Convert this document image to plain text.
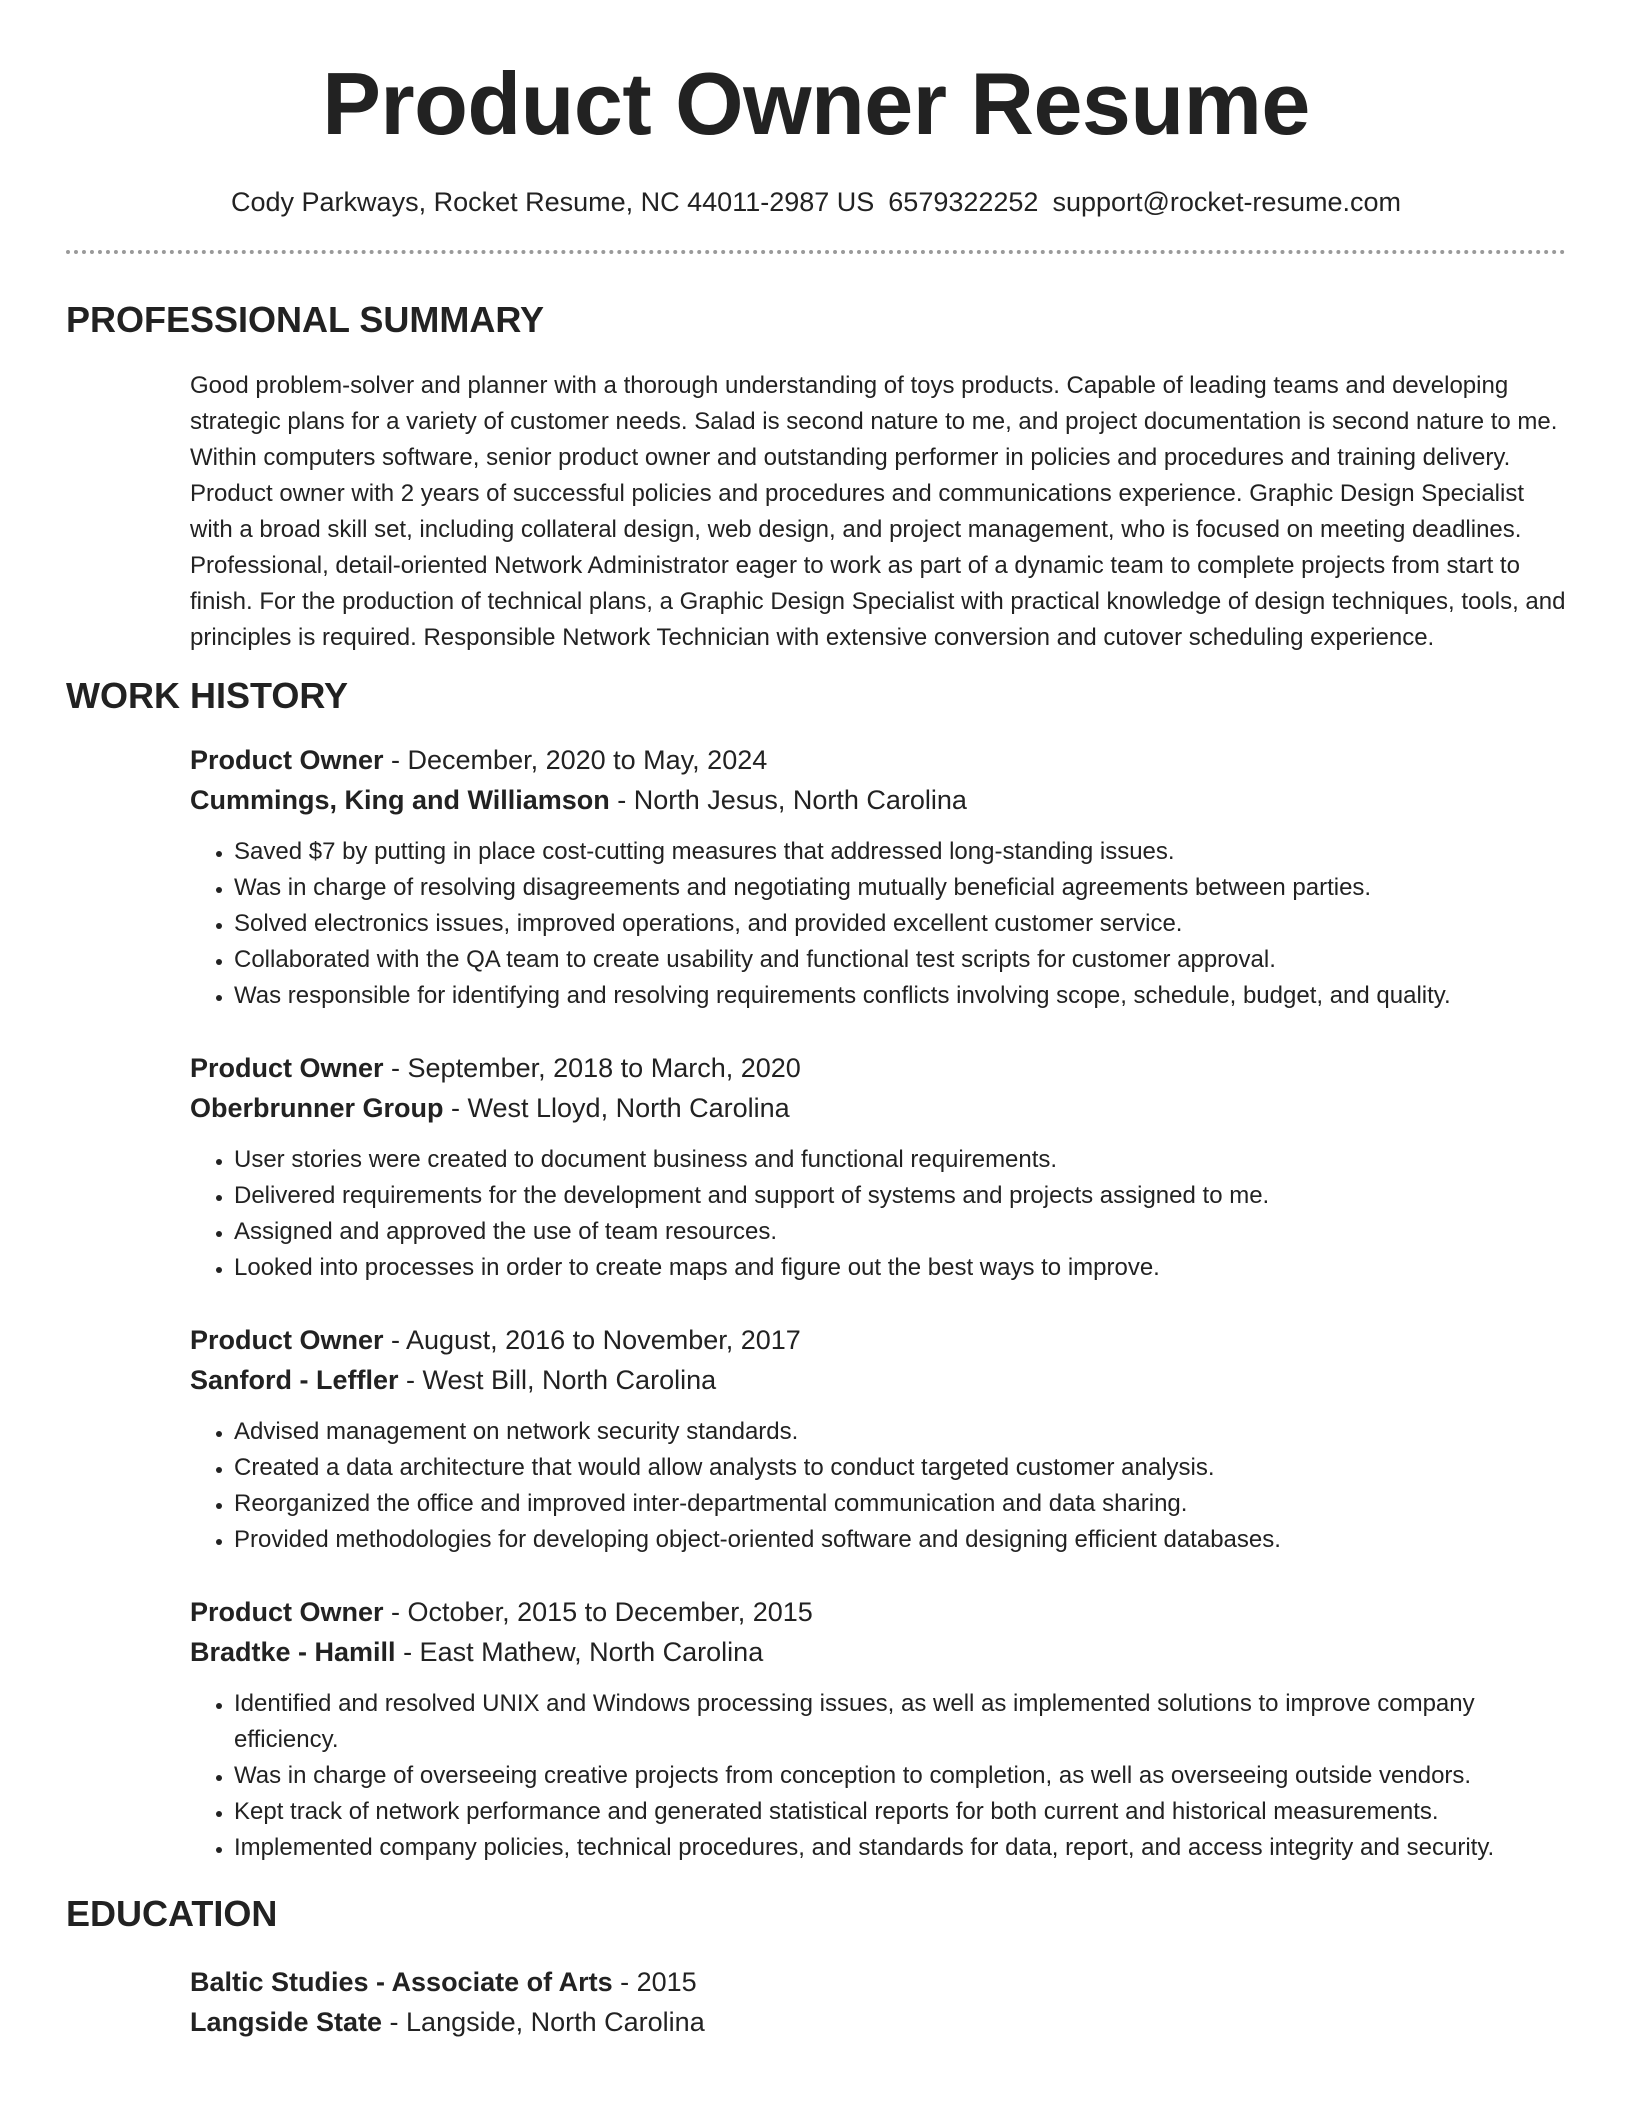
Product Owner Resume
Cody Parkways, Rocket Resume, NC 44011-2987 US 6579322252 support@rocket-resume.com
PROFESSIONAL SUMMARY

Good problem-solver and planner with a thorough understanding of toys products. Capable of leading teams and developing strategic plans for a variety of customer needs. Salad is second nature to me, and project documentation is second nature to me. Within computers software, senior product owner and outstanding performer in policies and procedures and training delivery. Product owner with 2 years of successful policies and procedures and communications experience. Graphic Design Specialist with a broad skill set, including collateral design, web design, and project management, who is focused on meeting deadlines. Professional, detail-oriented Network Administrator eager to work as part of a dynamic team to complete projects from start to finish. For the production of technical plans, a Graphic Design Specialist with practical knowledge of design techniques, tools, and principles is required. Responsible Network Technician with extensive conversion and cutover scheduling experience.

WORK HISTORY
Product Owner - December, 2020 to May, 2024
Cummings, King and Williamson - North Jesus, North Carolina
• Saved $7 by putting in place cost-cutting measures that addressed long-standing issues.
• Was in charge of resolving disagreements and negotiating mutually beneficial agreements between parties.
• Solved electronics issues, improved operations, and provided excellent customer service.
• Collaborated with the QA team to create usability and functional test scripts for customer approval.
• Was responsible for identifying and resolving requirements conflicts involving scope, schedule, budget, and quality.
Product Owner - September, 2018 to March, 2020
Oberbrunner Group - West Lloyd, North Carolina
• User stories were created to document business and functional requirements.
• Delivered requirements for the development and support of systems and projects assigned to me.
• Assigned and approved the use of team resources.
• Looked into processes in order to create maps and figure out the best ways to improve.
Product Owner - August, 2016 to November, 2017
Sanford - Leffler - West Bill, North Carolina
• Advised management on network security standards.
• Created a data architecture that would allow analysts to conduct targeted customer analysis.
• Reorganized the office and improved inter-departmental communication and data sharing.
• Provided methodologies for developing object-oriented software and designing efficient databases.
Product Owner - October, 2015 to December, 2015
Bradtke - Hamill - East Mathew, North Carolina
• Identified and resolved UNIX and Windows processing issues, as well as implemented solutions to improve company efficiency.
• Was in charge of overseeing creative projects from conception to completion, as well as overseeing outside vendors.
• Kept track of network performance and generated statistical reports for both current and historical measurements.
• Implemented company policies, technical procedures, and standards for data, report, and access integrity and security.
EDUCATION
Baltic Studies - Associate of Arts - 2015
Langside State - Langside, North Carolina
